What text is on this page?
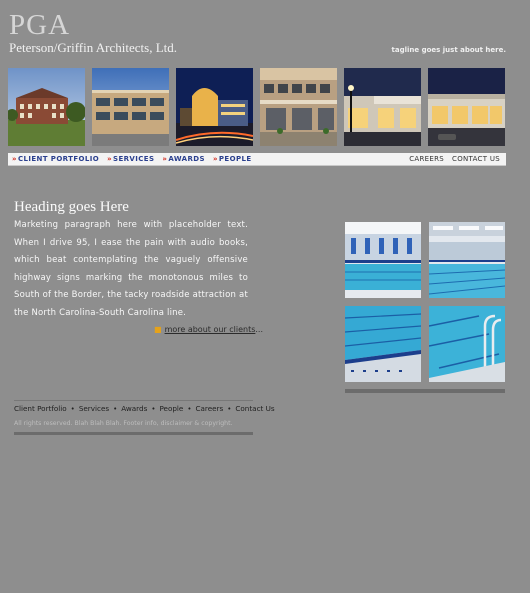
PGA
Peterson/Griffin Architects, Ltd.	tagline goes just about here.
»CLIENT PORTFOLIO »SERVICES »AWARDS »PEOPLE	CAREERS CONTACT US
Heading goes Here
Marketing paragraph here with placeholder text. When I drive 95, I ease the pain with audio books, which beat contemplating the vaguely offensive highway signs marking the monotonous miles to South of the Border, the tacky roadside attraction at the North Carolina-South Carolina line.
■ more about our clients...
Client Portfolio • Services • Awards • People • Careers • Contact Us
All rights reserved. Blah Blah Blah. Footer info, disclaimer & copyright.
